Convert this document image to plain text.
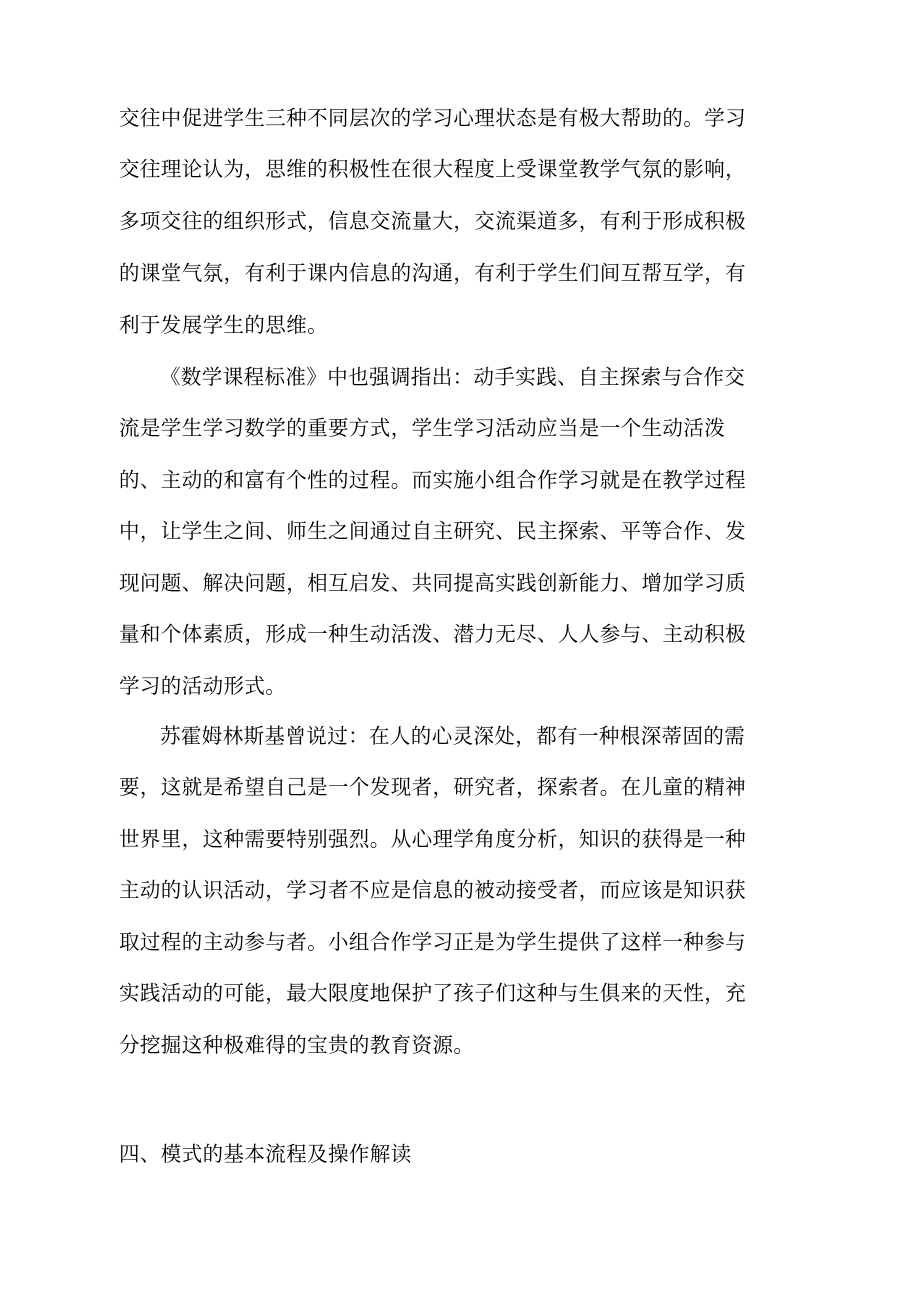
交往中促进学生三种不同层次的学习心理状态是有极大帮助的。学习
交往理论认为，思维的积极性在很大程度上受课堂教学气氛的影响，
多项交往的组织形式，信息交流量大，交流渠道多，有利于形成积极
的课堂气氛，有利于课内信息的沟通，有利于学生们间互帮互学，有
利于发展学生的思维。
《数学课程标准》中也强调指出：动手实践、自主探索与合作交
流是学生学习数学的重要方式，学生学习活动应当是一个生动活泼
的、主动的和富有个性的过程。而实施小组合作学习就是在教学过程
中，让学生之间、师生之间通过自主研究、民主探索、平等合作、发
现问题、解决问题，相互启发、共同提高实践创新能力、增加学习质
量和个体素质，形成一种生动活泼、潜力无尽、人人参与、主动积极
学习的活动形式。
苏霍姆林斯基曾说过：在人的心灵深处，都有一种根深蒂固的需
要，这就是希望自己是一个发现者，研究者，探索者。在儿童的精神
世界里，这种需要特别强烈。从心理学角度分析，知识的获得是一种
主动的认识活动，学习者不应是信息的被动接受者，而应该是知识获
取过程的主动参与者。小组合作学习正是为学生提供了这样一种参与
实践活动的可能，最大限度地保护了孩子们这种与生俱来的天性，充
分挖掘这种极难得的宝贵的教育资源。
四、模式的基本流程及操作解读
